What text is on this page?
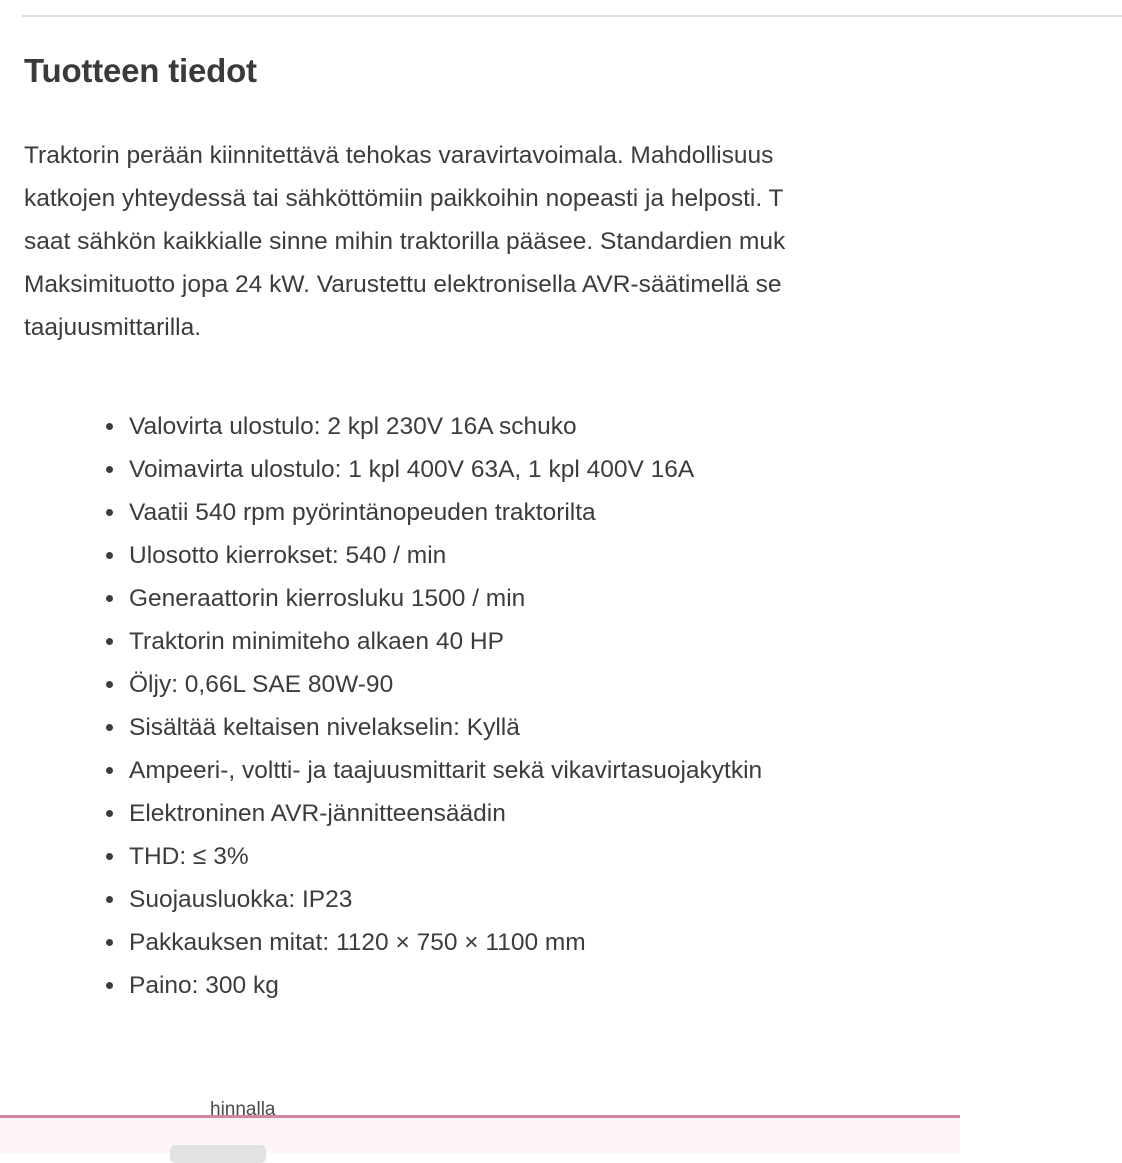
Tuotteen tiedot

Traktorin perään kiinnitettävä tehokas varavirtavoimala. Mahdollisuus
katkojen yhteydessä tai sähköttömiin paikkoihin nopeasti ja helposti. T
saat sähkön kaikkialle sinne mihin traktorilla pääsee. Standardien muk
Maksimituotto jopa 24 kW. Varustettu elektronisella AVR-säätimellä se
taajuusmittarilla.

Valovirta ulostulo: 2 kpl 230V 16A schuko
Voimavirta ulostulo: 1 kpl 400V 63A, 1 kpl 400V 16A
Vaatii 540 rpm pyörintänopeuden traktorilta
Ulosotto kierrokset: 540 / min
Generaattorin kierrosluku 1500 / min
Traktorin minimiteho alkaen 40 HP
Öljy: 0,66L SAE 80W-90
Sisältää keltaisen nivelakselin: Kyllä
Ampeeri-, voltti- ja taajuusmittarit sekä vikavirtasuojakytkin
Elektroninen AVR-jännitteensäädin
THD: ≤ 3%
Suojausluokka: IP23
Pakkauksen mitat: 1120 × 750 × 1100 mm
Paino: 300 kg
hinnalla
